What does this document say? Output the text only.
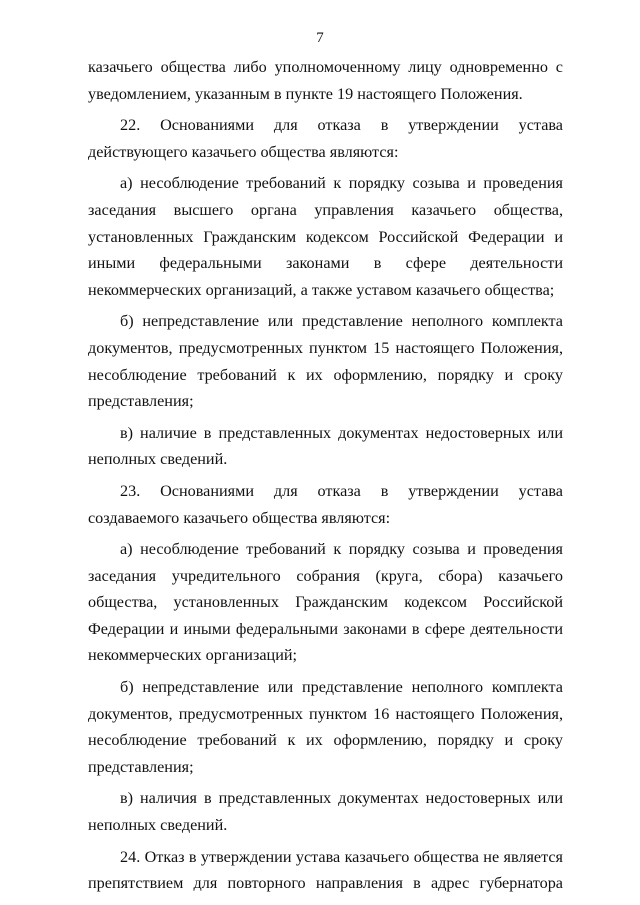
7

казачьего общества либо уполномоченному лицу одновременно с уведомлением, указанным в пункте 19 настоящего Положения.

22. Основаниями для отказа в утверждении устава действующего казачьего общества являются:

а) несоблюдение требований к порядку созыва и проведения заседания высшего органа управления казачьего общества, установленных Гражданским кодексом Российской Федерации и иными федеральными законами в сфере деятельности некоммерческих организаций, а также уставом казачьего общества;

б) непредставление или представление неполного комплекта документов, предусмотренных пунктом 15 настоящего Положения, несоблюдение требований к их оформлению, порядку и сроку представления;

в) наличие в представленных документах недостоверных или неполных сведений.

23. Основаниями для отказа в утверждении устава создаваемого казачьего общества являются:

а) несоблюдение требований к порядку созыва и проведения заседания учредительного собрания (круга, сбора) казачьего общества, установленных Гражданским кодексом Российской Федерации и иными федеральными законами в сфере деятельности некоммерческих организаций;

б) непредставление или представление неполного комплекта документов, предусмотренных пунктом 16 настоящего Положения, несоблюдение требований к их оформлению, порядку и сроку представления;

в) наличия в представленных документах недостоверных или неполных сведений.

24. Отказ в утверждении устава казачьего общества не является препятствием для повторного направления в адрес губернатора
